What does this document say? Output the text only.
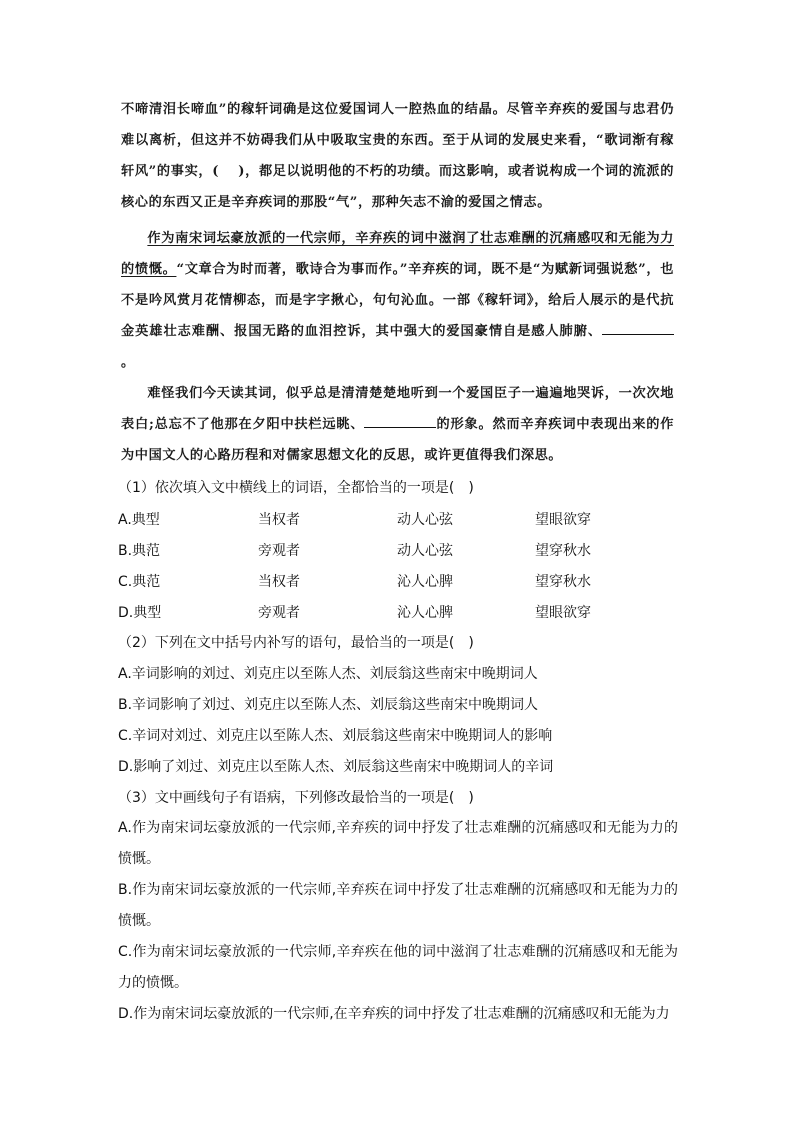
不啼清泪长啼血”的稼轩词确是这位爱国词人一腔热血的结晶。尽管辛弃疾的爱国与忠君仍难以离析，但这并不妨碍我们从中吸取宝贵的东西。至于从词的发展史来看，“歌词渐有稼轩风”的事实，(　 )，都足以说明他的不朽的功绩。而这影响，或者说构成一个词的流派的核心的东西又正是辛弃疾词的那股“气”，那种矢志不渝的爱国之情志。
作为南宋词坛豪放派的一代宗师，辛弃疾的词中滋润了壮志难酬的沉痛感叹和无能为力的愤慨。“文章合为时而著，歌诗合为事而作。”辛弃疾的词，既不是“为赋新词强说愁”，也不是吟风赏月花情柳态，而是字字揪心，句句沁血。一部《稼轩词》，给后人展示的是代抗金英雄壮志难酬、报国无路的血泪控诉，其中强大的爱国豪情自是感人肺腑、。
难怪我们今天读其词，似乎总是清清楚楚地听到一个爱国臣子一遍遍地哭诉，一次次地表白;总忘不了他那在夕阳中扶栏远眺、	的形象。然而辛弃疾词中表现出来的作为中国文人的心路历程和对儒家思想文化的反思，或许更值得我们深思。
（1）依次填入文中横线上的词语，全都恰当的一项是(　)
A.典型	当权者	动人心弦	望眼欲穿
B.典范	旁观者	动人心弦	望穿秋水
C.典范	当权者	沁人心脾	望穿秋水
D.典型	旁观者	沁人心脾	望眼欲穿
（2）下列在文中括号内补写的语句，最恰当的一项是(　)
A.辛词影响的刘过、刘克庄以至陈人杰、刘辰翁这些南宋中晚期词人
B.辛词影响了刘过、刘克庄以至陈人杰、刘辰翁这些南宋中晚期词人
C.辛词对刘过、刘克庄以至陈人杰、刘辰翁这些南宋中晚期词人的影响
D.影响了刘过、刘克庄以至陈人杰、刘辰翁这些南宋中晚期词人的辛词
（3）文中画线句子有语病，下列修改最恰当的一项是(　)
A.作为南宋词坛豪放派的一代宗师,辛弃疾的词中抒发了壮志难酬的沉痛感叹和无能为力的愤慨。
B.作为南宋词坛豪放派的一代宗师,辛弃疾在词中抒发了壮志难酬的沉痛感叹和无能为力的愤慨。
C.作为南宋词坛豪放派的一代宗师,辛弃疾在他的词中滋润了壮志难酬的沉痛感叹和无能为力的愤慨。
D.作为南宋词坛豪放派的一代宗师,在辛弃疾的词中抒发了壮志难酬的沉痛感叹和无能为力
